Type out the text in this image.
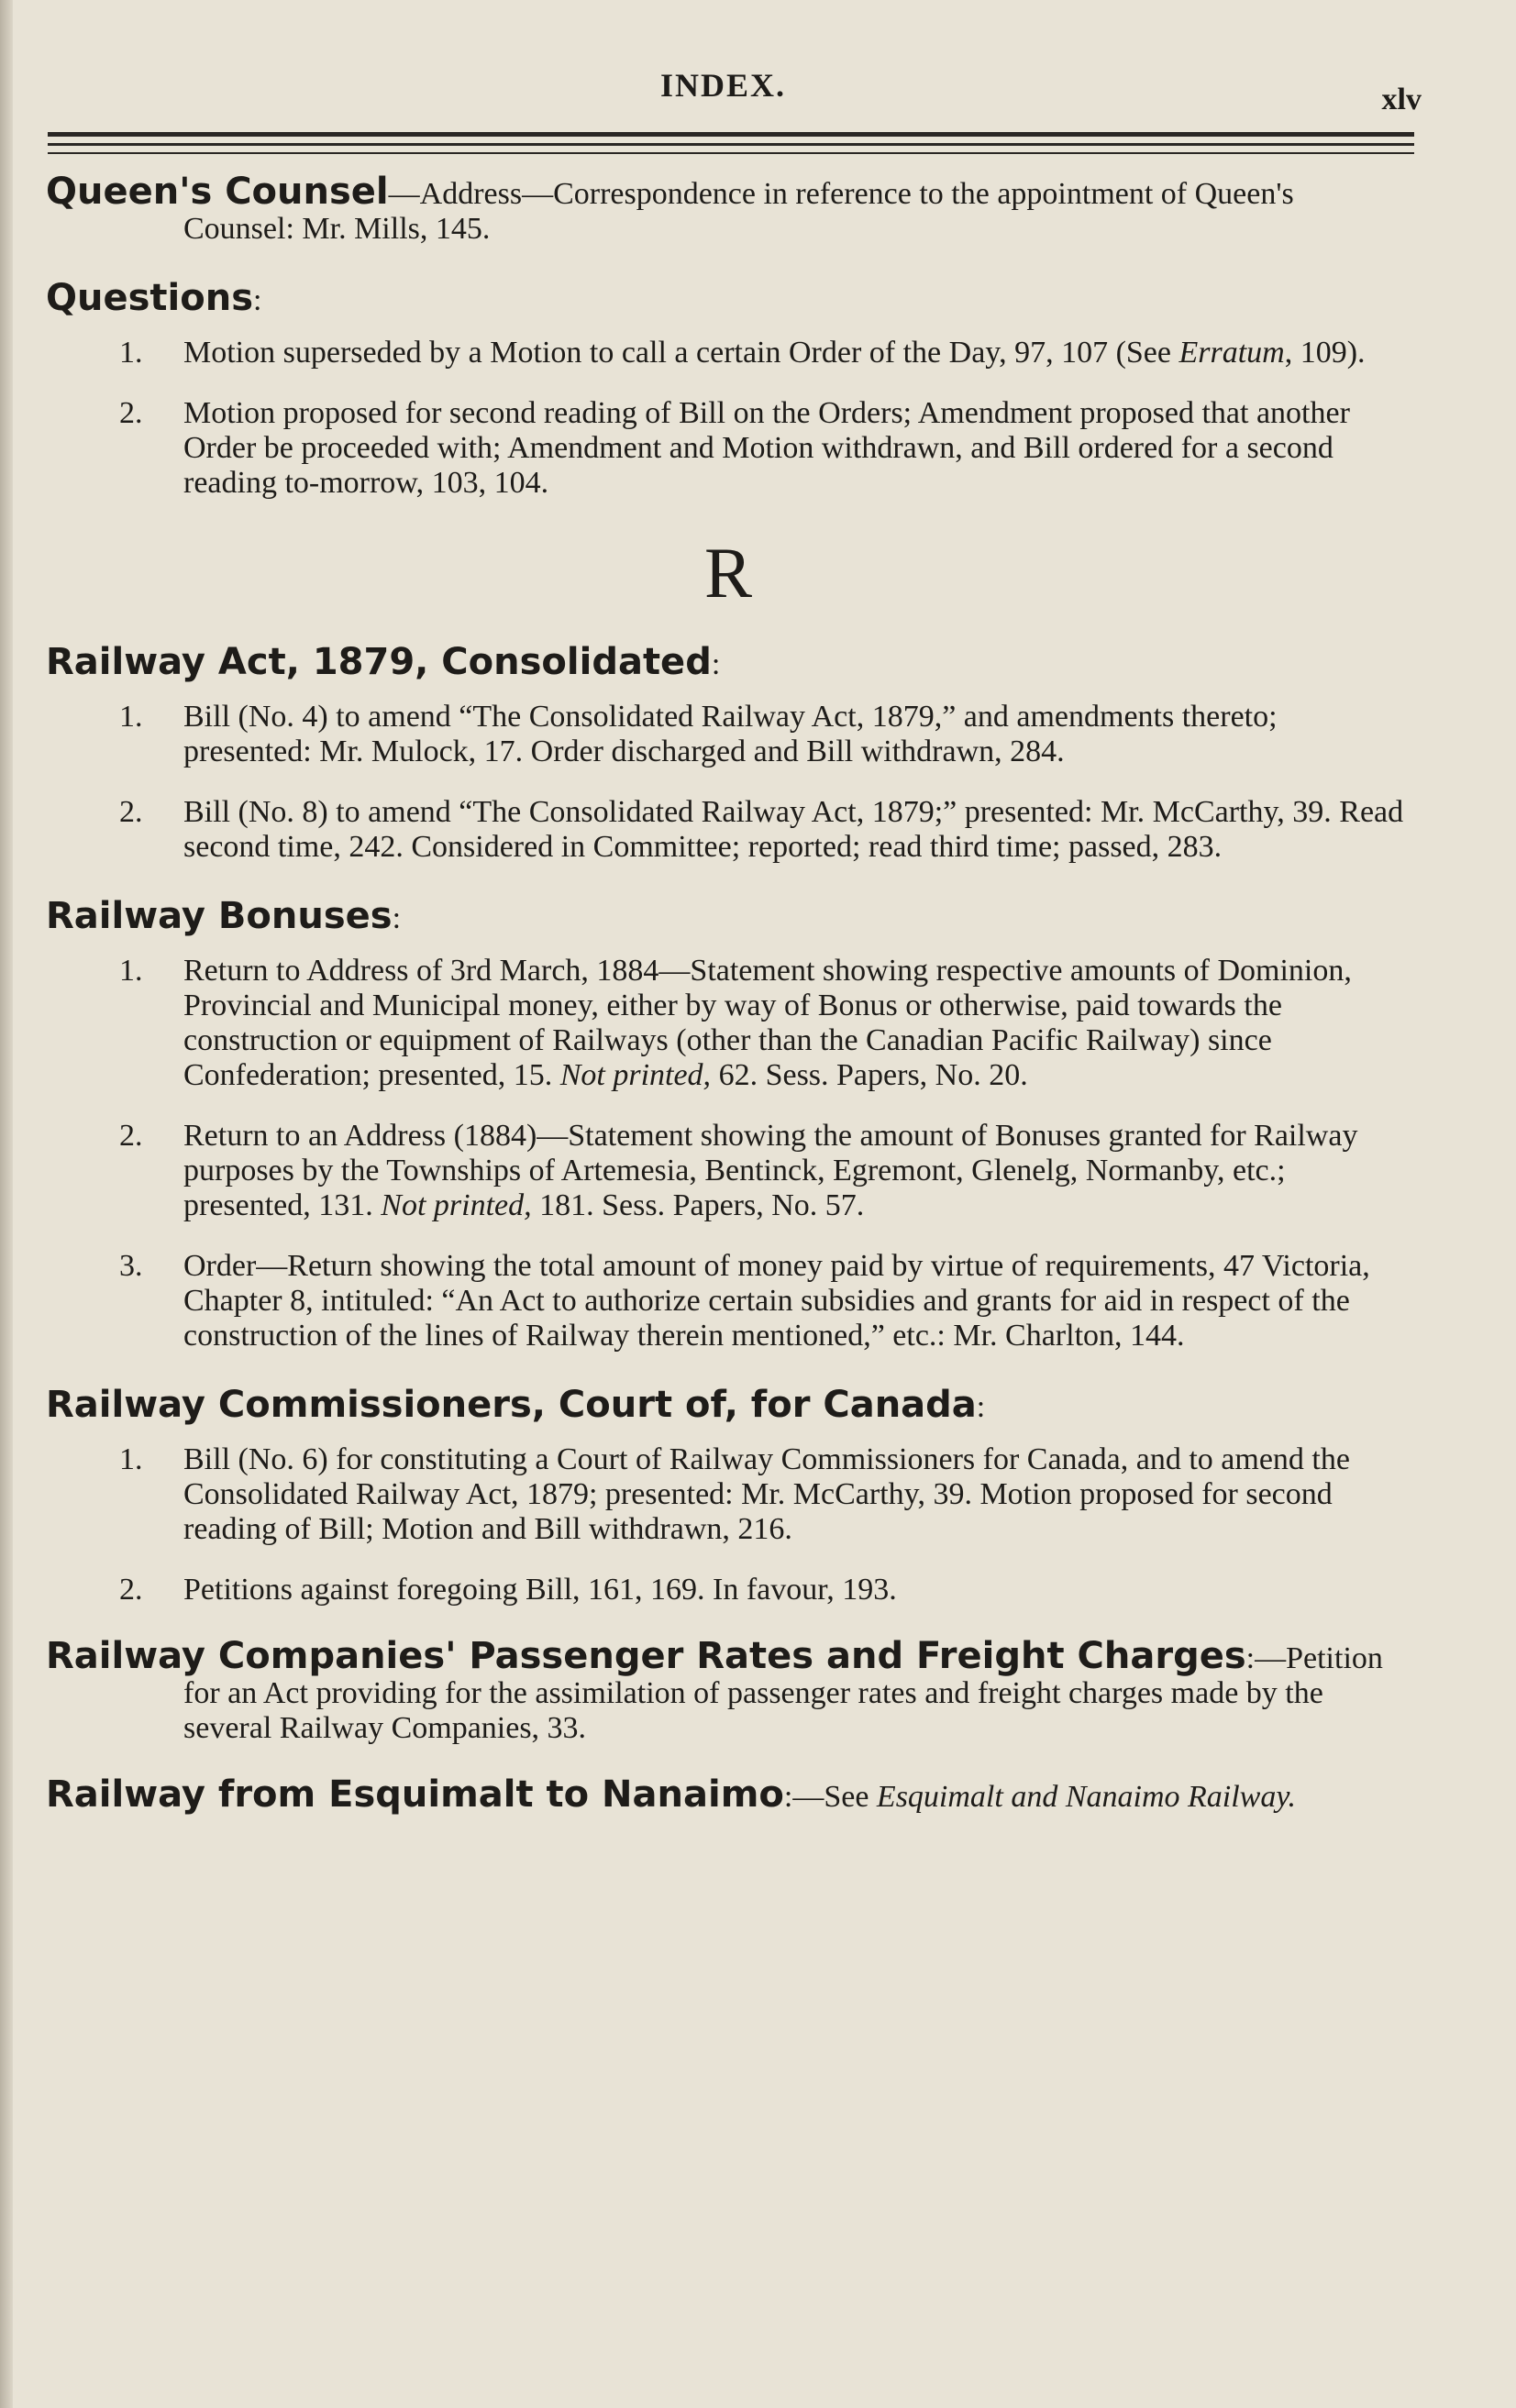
INDEX.	xlv
Queen's Counsel—Address—Correspondence in reference to the appointment of Queen's Counsel: Mr. Mills, 145.
Questions:
1. Motion superseded by a Motion to call a certain Order of the Day, 97, 107 (See Erratum, 109).
2. Motion proposed for second reading of Bill on the Orders; Amendment proposed that another Order be proceeded with; Amendment and Motion withdrawn, and Bill ordered for a second reading to-morrow, 103, 104.
R
Railway Act, 1879, Consolidated:
1. Bill (No. 4) to amend “The Consolidated Railway Act, 1879,” and amendments thereto; presented: Mr. Mulock, 17. Order discharged and Bill withdrawn, 284.
2. Bill (No. 8) to amend “The Consolidated Railway Act, 1879;” presented: Mr. McCarthy, 39. Read second time, 242. Considered in Committee; reported; read third time; passed, 283.
Railway Bonuses:
1. Return to Address of 3rd March, 1884—Statement showing respective amounts of Dominion, Provincial and Municipal money, either by way of Bonus or otherwise, paid towards the construction or equipment of Railways (other than the Canadian Pacific Railway) since Confederation; presented, 15. Not printed, 62. Sess. Papers, No. 20.
2. Return to an Address (1884)—Statement showing the amount of Bonuses granted for Railway purposes by the Townships of Artemesia, Bentinck, Egremont, Glenelg, Normanby, etc.; presented, 131. Not printed, 181. Sess. Papers, No. 57.
3. Order—Return showing the total amount of money paid by virtue of requirements, 47 Victoria, Chapter 8, intituled: “An Act to authorize certain subsidies and grants for aid in respect of the construction of the lines of Railway therein mentioned,” etc.: Mr. Charlton, 144.
Railway Commissioners, Court of, for Canada:
1. Bill (No. 6) for constituting a Court of Railway Commissioners for Canada, and to amend the Consolidated Railway Act, 1879; presented: Mr. McCarthy, 39. Motion proposed for second reading of Bill; Motion and Bill withdrawn, 216.
2. Petitions against foregoing Bill, 161, 169. In favour, 193.
Railway Companies' Passenger Rates and Freight Charges:—Petition for an Act providing for the assimilation of passenger rates and freight charges made by the several Railway Companies, 33.
Railway from Esquimalt to Nanaimo:—See Esquimalt and Nanaimo Railway.
